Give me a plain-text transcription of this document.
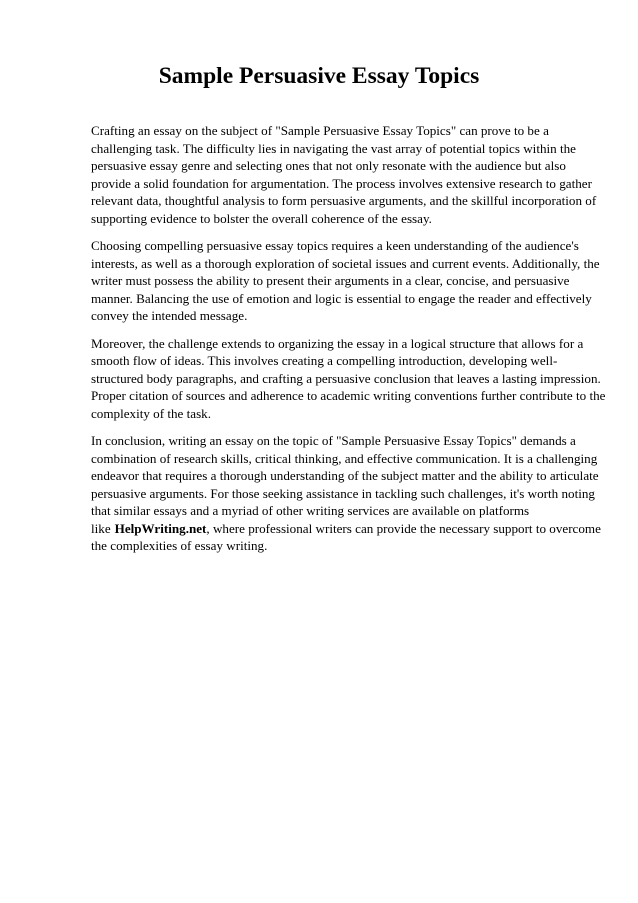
Sample Persuasive Essay Topics

Crafting an essay on the subject of "Sample Persuasive Essay Topics" can prove to be a challenging task. The difficulty lies in navigating the vast array of potential topics within the persuasive essay genre and selecting ones that not only resonate with the audience but also provide a solid foundation for argumentation. The process involves extensive research to gather relevant data, thoughtful analysis to form persuasive arguments, and the skillful incorporation of supporting evidence to bolster the overall coherence of the essay.

Choosing compelling persuasive essay topics requires a keen understanding of the audience's interests, as well as a thorough exploration of societal issues and current events. Additionally, the writer must possess the ability to present their arguments in a clear, concise, and persuasive manner. Balancing the use of emotion and logic is essential to engage the reader and effectively convey the intended message.

Moreover, the challenge extends to organizing the essay in a logical structure that allows for a smooth flow of ideas. This involves creating a compelling introduction, developing well-structured body paragraphs, and crafting a persuasive conclusion that leaves a lasting impression. Proper citation of sources and adherence to academic writing conventions further contribute to the complexity of the task.

In conclusion, writing an essay on the topic of "Sample Persuasive Essay Topics" demands a combination of research skills, critical thinking, and effective communication. It is a challenging endeavor that requires a thorough understanding of the subject matter and the ability to articulate persuasive arguments. For those seeking assistance in tackling such challenges, it's worth noting that similar essays and a myriad of other writing services are available on platforms like HelpWriting.net, where professional writers can provide the necessary support to overcome the complexities of essay writing.
